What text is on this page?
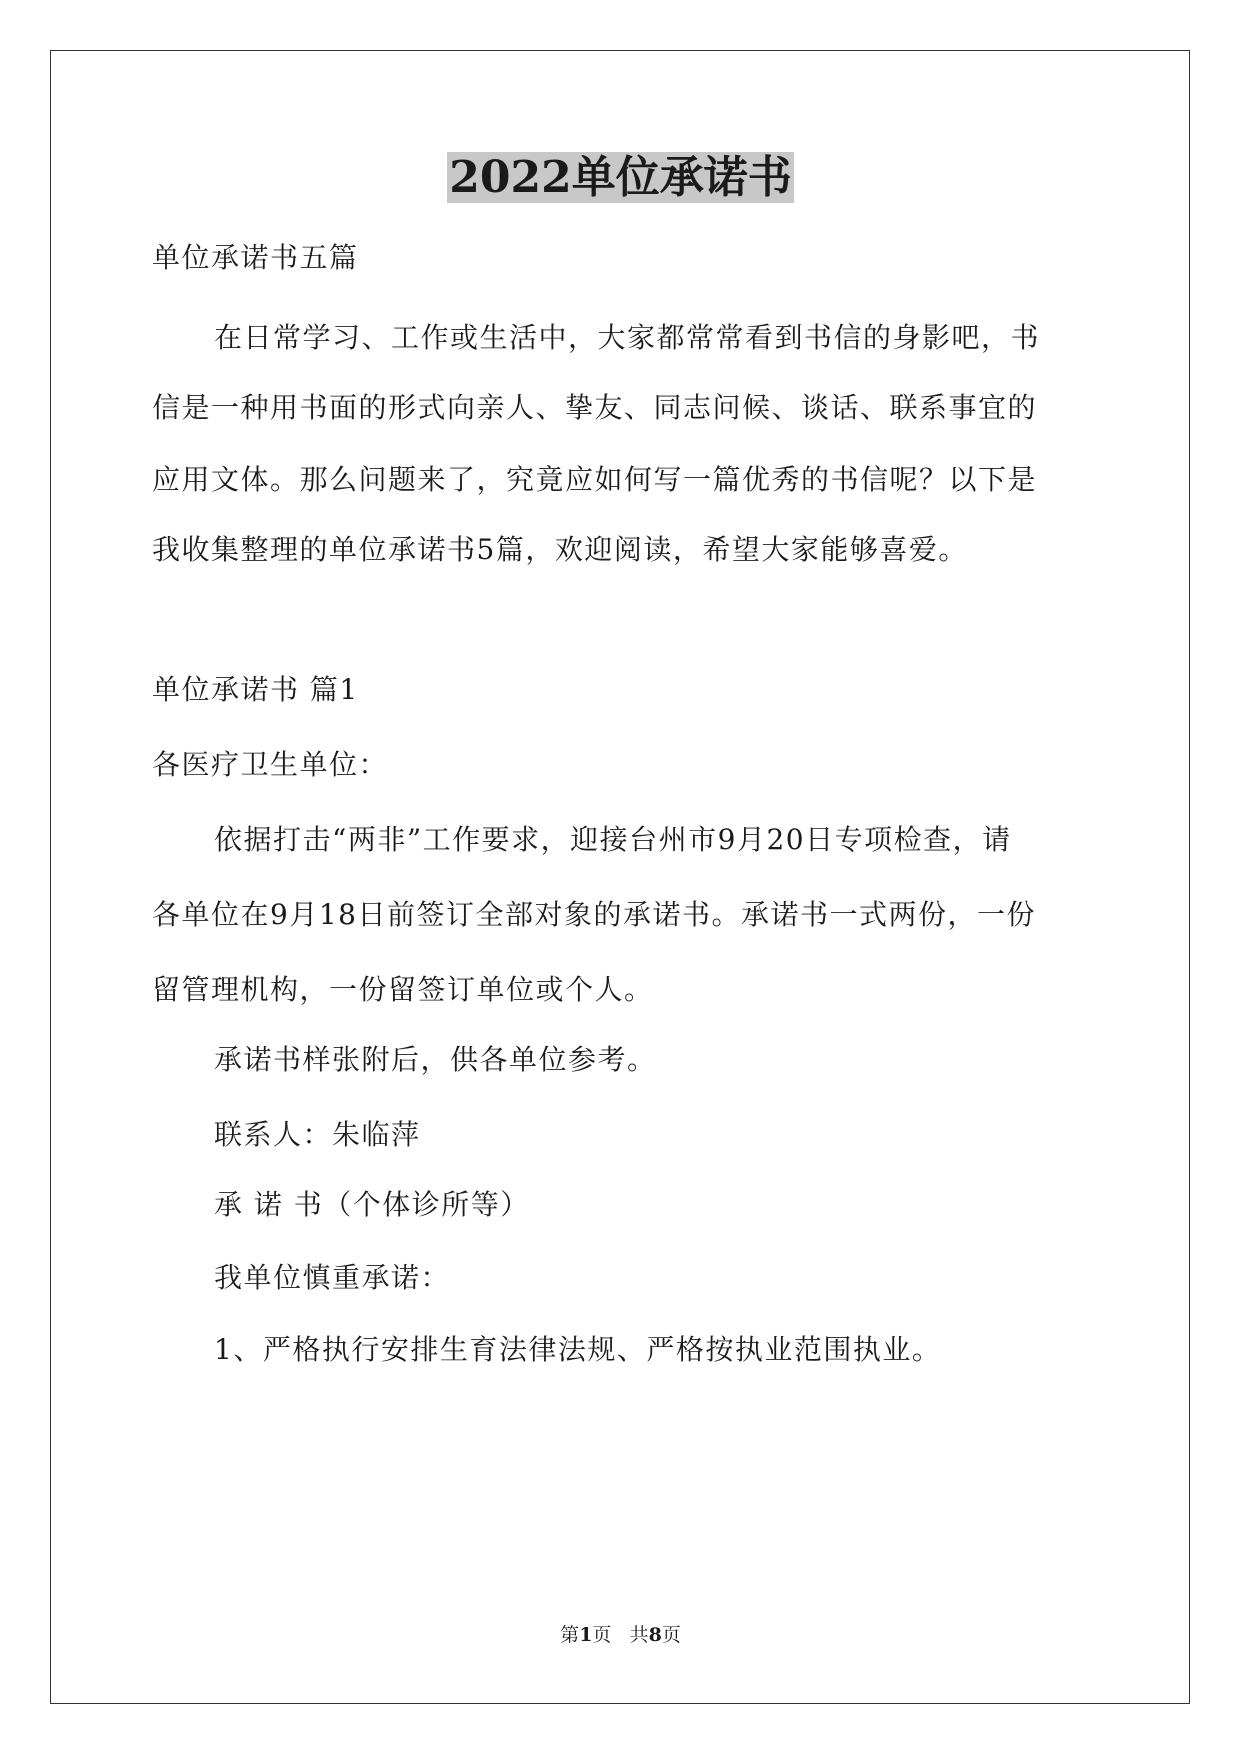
2022单位承诺书
单位承诺书五篇
在日常学习、工作或生活中，大家都常常看到书信的身影吧，书
信是一种用书面的形式向亲人、挚友、同志问候、谈话、联系事宜的
应用文体。那么问题来了，究竟应如何写一篇优秀的书信呢？以下是
我收集整理的单位承诺书5篇，欢迎阅读，希望大家能够喜爱。
单位承诺书 篇1
各医疗卫生单位：
依据打击“两非”工作要求，迎接台州市9月20日专项检查，请
各单位在9月18日前签订全部对象的承诺书。承诺书一式两份，一份
留管理机构，一份留签订单位或个人。
承诺书样张附后，供各单位参考。
联系人：朱临萍
承 诺 书（个体诊所等）
我单位慎重承诺：
1、严格执行安排生育法律法规、严格按执业范围执业。
第1页 共8页
